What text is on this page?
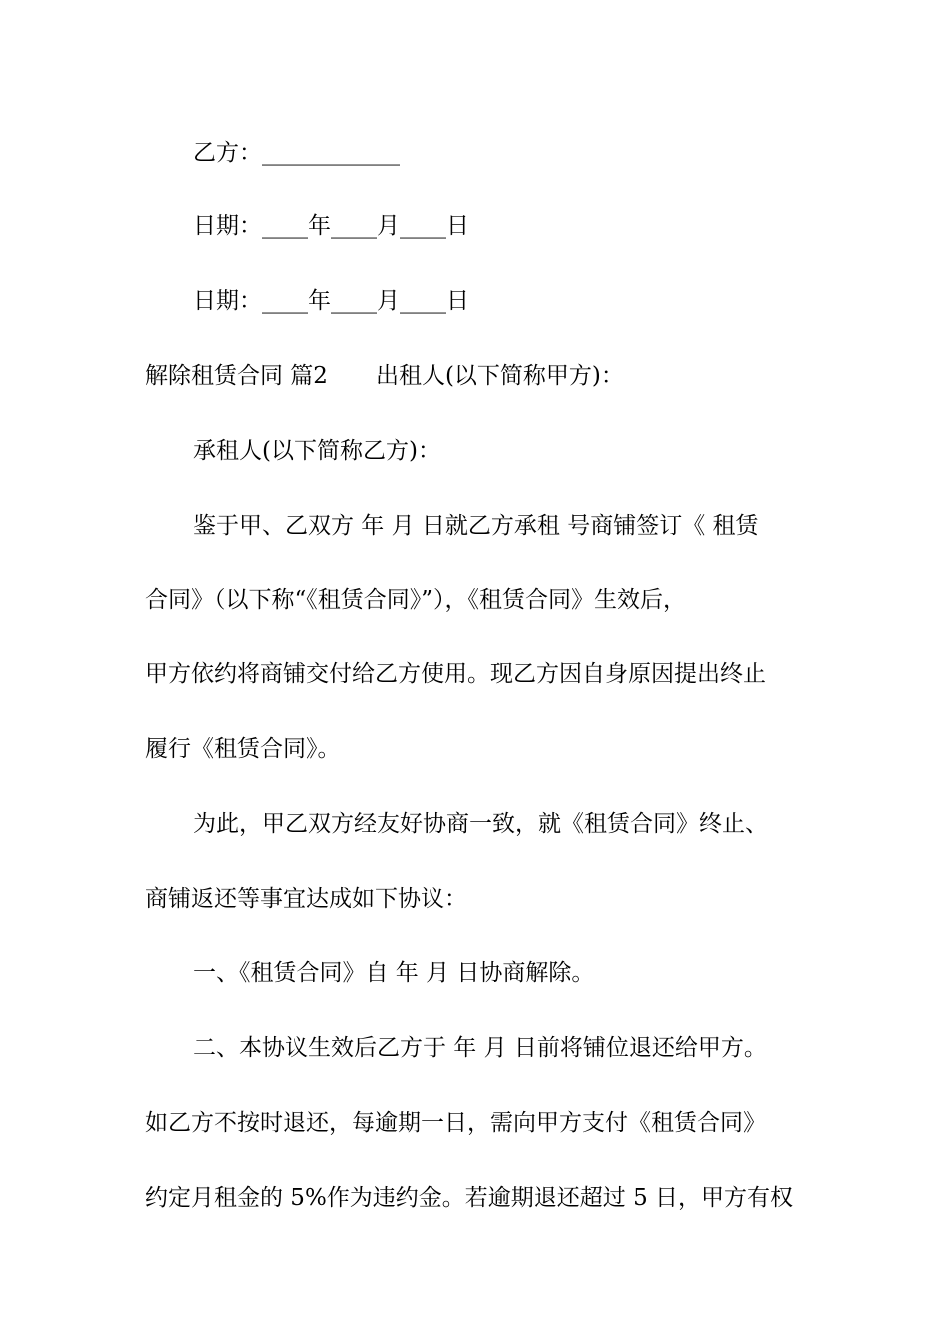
乙方：____________
日期：____年____月____日
日期：____年____月____日
解除租赁合同 篇2 出租人(以下简称甲方)：
承租人(以下简称乙方)：
鉴于甲、乙双方 年 月 日就乙方承租 号商铺签订《 租赁
合同》（以下称“《租赁合同》”），《租赁合同》生效后，
甲方依约将商铺交付给乙方使用。现乙方因自身原因提出终止
履行《租赁合同》。
为此，甲乙双方经友好协商一致，就《租赁合同》终止、
商铺返还等事宜达成如下协议：
一、《租赁合同》自 年 月 日协商解除。
二、本协议生效后乙方于 年 月 日前将铺位退还给甲方。
如乙方不按时退还，每逾期一日，需向甲方支付《租赁合同》
约定月租金的 5%作为违约金。若逾期退还超过 5 日，甲方有权
